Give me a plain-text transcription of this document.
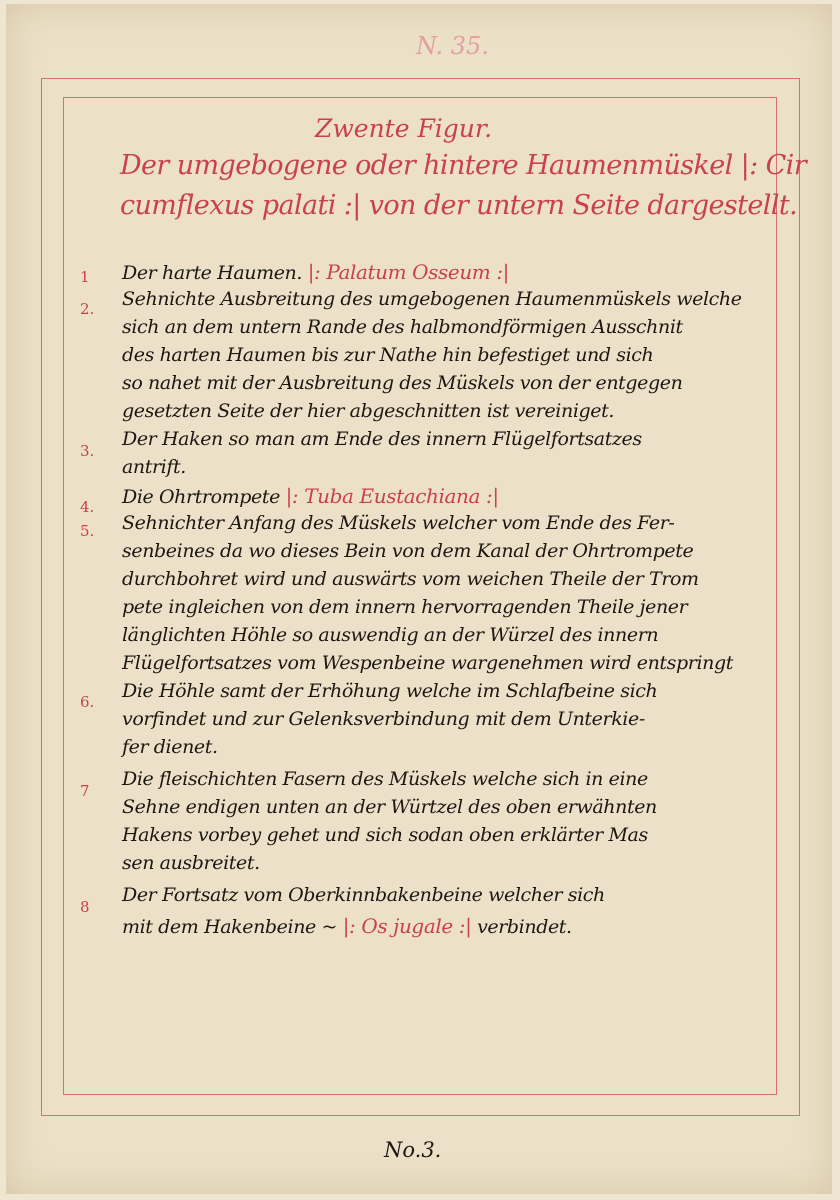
N. 35.
Zwente Figur.
Der umgebogene oder hintere Haumenmüskel |: Cir
cumflexus palati :| von der untern Seite dargestellt.
1	Der harte Haumen. |: Palatum Osseum :|
2.	Sehnichte Ausbreitung des umgebogenen Haumenmüskels welche
sich an dem untern Rande des halbmondförmigen Ausschnit
des harten Haumen bis zur Nathe hin befestiget und sich
so nahet mit der Ausbreitung des Müskels von der entgegen
gesetzten Seite der hier abgeschnitten ist vereiniget.
3.
Der Haken so man am Ende des innern Flügelfortsatzes
antrift.
4.	Die Ohrtrompete |: Tuba Eustachiana :|
5.	Sehnichter Anfang des Müskels welcher vom Ende des Fer-
senbeines da wo dieses Bein von dem Kanal der Ohrtrompete
durchbohret wird und auswärts vom weichen Theile der Trom
pete ingleichen von dem innern hervorragenden Theile jener
länglichten Höhle so auswendig an der Würzel des innern
Flügelfortsatzes vom Wespenbeine wargenehmen wird entspringt
6.	Die Höhle samt der Erhöhung welche im Schlafbeine sich
vorfindet und zur Gelenksverbindung mit dem Unterkie-
fer dienet.
7
Die fleischichten Fasern des Müskels welche sich in eine
Sehne endigen unten an der Würtzel des oben erwähnten
Hakens vorbey gehet und sich sodan oben erklärter Mas
sen ausbreitet.
8
Der Fortsatz vom Oberkinnbakenbeine welcher sich
mit dem Hakenbeine ~ |: Os jugale :| verbindet.
No.3.
